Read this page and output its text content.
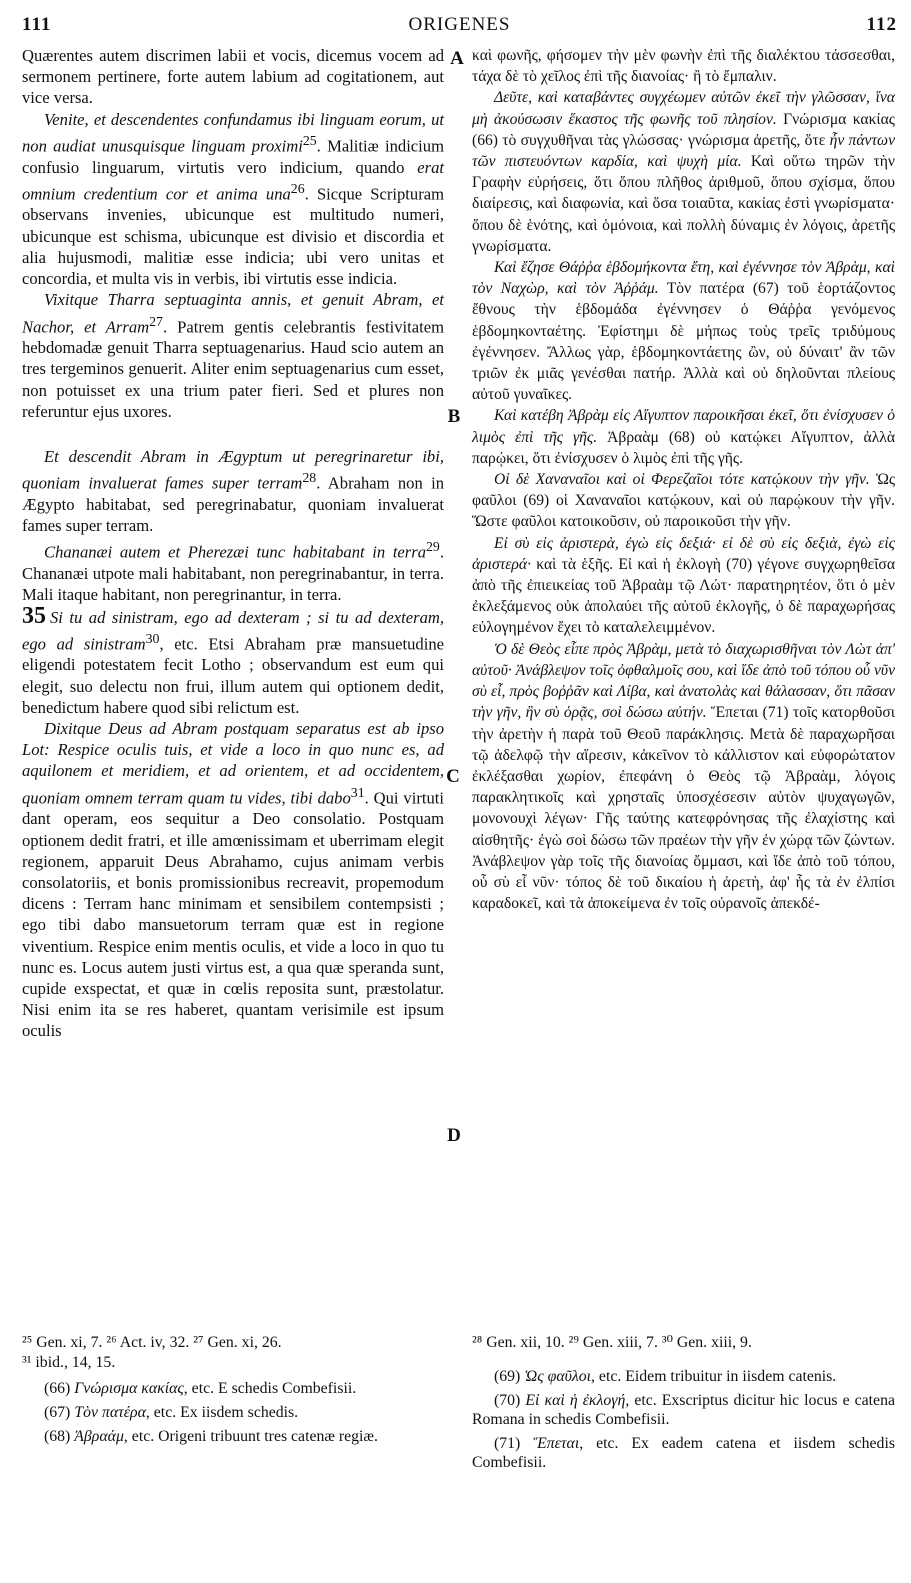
111	ORIGENES	112
A
B
C
D

Quærentes autem discrimen labii et vocis, dicemus vocem ad sermonem pertinere, forte autem labium ad cogitationem, aut vice versa.

Venite, et descendentes confundamus ibi linguam eorum, ut non audiat unusquisque linguam proximi$^{25}$. Malitiæ indicium confusio linguarum, virtutis vero indicium, quando erat omnium credentium cor et anima una$^{26}$. Sicque Scripturam observans invenies, ubicunque est multitudo numeri, ubicunque est schisma, ubicunque est divisio et discordia et alia hujusmodi, malitiæ esse indicia; ubi vero unitas et concordia, et multa vis in verbis, ibi virtutis esse indicia.

Vixitque Tharra septuaginta annis, et genuit Abram, et Nachor, et Arram$^{27}$. Patrem gentis celebrantis festivitatem hebdomadæ genuit Tharra septuagenarius. Haud scio autem an tres tergeminos genuerit. Aliter enim septuagenarius cum esset, non potuisset ex una trium pater fieri. Sed et plures non referuntur ejus uxores.

Et descendit Abram in Ægyptum ut peregrinaretur ibi, quoniam invaluerat fames super terram$^{28}$. Abraham non in Ægypto habitabat, sed peregrinabatur, quoniam invaluerat fames super terram.

Chananæi autem et Pherezæi tunc habitabant in terra$^{29}$. Chananæi utpote mali habitabant, non peregrinabantur, in terra. Mali itaque habitant, non peregrinantur, in terra.

35 Si tu ad sinistram, ego ad dexteram ; si tu ad dexteram, ego ad sinistram$^{30}$, etc. Etsi Abraham præ mansuetudine eligendi potestatem fecit Lotho ; observandum est eum qui elegit, suo delectu non frui, illum autem qui optionem dedit, benedictum habere quod sibi relictum est.

Dixitque Deus ad Abram postquam separatus est ab ipso Lot: Respice oculis tuis, et vide a loco in quo nunc es, ad aquilonem et meridiem, et ad orientem, et ad occidentem, quoniam omnem terram quam tu vides, tibi dabo$^{31}$. Qui virtuti dant operam, eos sequitur a Deo consolatio. Postquam optionem dedit fratri, et ille amœnissimam et uberrimam elegit regionem, apparuit Deus Abrahamo, cujus animam verbis consolatoriis, et bonis promissionibus recreavit, propemodum dicens : Terram hanc minimam et sensibilem contempsisti ; ego tibi dabo mansuetorum terram quæ est in regione viventium. Respice enim mentis oculis, et vide a loco in quo tu nunc es. Locus autem justi virtus est, a qua quæ speranda sunt, cupide exspectat, et quæ in cœlis reposita sunt, præstolatur. Nisi enim ita se res haberet, quantam verisimile est ipsum oculis

καὶ φωνῆς, φήσομεν τὴν μὲν φωνὴν ἐπὶ τῆς διαλέκτου τάσσεσθαι, τάχα δὲ τὸ χεῖλος ἐπὶ τῆς διανοίας· ἢ τὸ ἔμπαλιν.

Δεῦτε, καὶ καταβάντες συγχέωμεν αὐτῶν ἐκεῖ τὴν γλῶσσαν, ἵνα μὴ ἀκούσωσιν ἕκαστος τῆς φωνῆς τοῦ πλησίον. Γνώρισμα κακίας (66) τὸ συγχυθῆναι τὰς γλώσσας· γνώρισμα ἀρετῆς, ὅτε ἦν πάντων τῶν πιστευόντων καρδία, καὶ ψυχὴ μία. Καὶ οὕτω τηρῶν τὴν Γραφὴν εὑρήσεις, ὅτι ὅπου πλῆθος ἀριθμοῦ, ὅπου σχίσμα, ὅπου διαίρεσις, καὶ διαφωνία, καὶ ὅσα τοιαῦτα, κακίας ἐστὶ γνωρίσματα· ὅπου δὲ ἑνότης, καὶ ὁμόνοια, καὶ πολλὴ δύναμις ἐν λόγοις, ἀρετῆς γνωρίσματα.

Καὶ ἔζησε Θάῤῥα ἑβδομήκοντα ἔτη, καὶ ἐγέννησε τὸν Ἀβρὰμ, καὶ τὸν Ναχὼρ, καὶ τὸν Ἀῤῥάμ. Τὸν πατέρα (67) τοῦ ἑορτάζοντος ἔθνους τὴν ἑβδομάδα ἐγέννησεν ὁ Θάῤῥα γενόμενος ἑβδομηκονταέτης. Ἐφίστημι δὲ μήπως τοὺς τρεῖς τριδύμους ἐγέννησεν. Ἄλλως γὰρ, ἑβδομηκοντάετης ὢν, οὐ δύναιτ' ἂν τῶν τριῶν ἐκ μιᾶς γενέσθαι πατήρ. Ἀλλὰ καὶ οὐ δηλοῦνται πλείους αὐτοῦ γυναῖκες.

Καὶ κατέβη Ἀβρὰμ εἰς Αἴγυπτον παροικῆσαι ἐκεῖ, ὅτι ἐνίσχυσεν ὁ λιμὸς ἐπὶ τῆς γῆς. Ἀβραὰμ (68) οὐ κατῴκει Αἴγυπτον, ἀλλὰ παρῴκει, ὅτι ἐνίσχυσεν ὁ λιμὸς ἐπὶ τῆς γῆς.

Οἱ δὲ Χαναναῖοι καὶ οἱ Φερεζαῖοι τότε κατῴκουν τὴν γῆν. Ὡς φαῦλοι (69) οἱ Χαναναῖοι κατῴκουν, καὶ οὐ παρῴκουν τὴν γῆν. Ὥστε φαῦλοι κατοικοῦσιν, οὐ παροικοῦσι τὴν γῆν.

Εἰ σὺ εἰς ἀριστερὰ, ἐγὼ εἰς δεξιά· εἰ δὲ σὺ εἰς δεξιὰ, ἐγὼ εἰς ἀριστερά· καὶ τὰ ἑξῆς. Εἰ καὶ ἡ ἐκλογὴ (70) γέγονε συγχωρηθεῖσα ἀπὸ τῆς ἐπιεικείας τοῦ Ἀβραὰμ τῷ Λώτ· παρατηρητέον, ὅτι ὁ μὲν ἐκλεξάμενος οὐκ ἀπολαύει τῆς αὐτοῦ ἐκλογῆς, ὁ δὲ παραχωρήσας εὐλογημένον ἔχει τὸ καταλελειμμένον.

Ὁ δὲ Θεὸς εἶπε πρὸς Ἀβρὰμ, μετὰ τὸ διαχωρισθῆναι τὸν Λὼτ ἀπ' αὐτοῦ· Ἀνάβλεψον τοῖς ὀφθαλμοῖς σου, καὶ ἴδε ἀπὸ τοῦ τόπου οὗ νῦν σὺ εἶ, πρὸς βοῤῥᾶν καὶ Λίβα, καὶ ἀνατολὰς καὶ θάλασσαν, ὅτι πᾶσαν τὴν γῆν, ἣν σὺ ὁρᾷς, σοὶ δώσω αὐτήν. Ἕπεται (71) τοῖς κατορθοῦσι τὴν ἀρετὴν ἡ παρὰ τοῦ Θεοῦ παράκλησις. Μετὰ δὲ παραχωρῆσαι τῷ ἀδελφῷ τὴν αἵρεσιν, κἀκεῖνον τὸ κάλλιστον καὶ εὐφορώτατον ἐκλέξασθαι χωρίον, ἐπεφάνη ὁ Θεὸς τῷ Ἀβραὰμ, λόγοις παρακλητικοῖς καὶ χρησταῖς ὑποσχέσεσιν αὐτὸν ψυχαγωγῶν, μονονουχὶ λέγων· Γῆς ταύτης κατεφρόνησας τῆς ἐλαχίστης καὶ αἰσθητῆς· ἐγὼ σοὶ δώσω τῶν πραέων τὴν γῆν ἐν χώρᾳ τῶν ζώντων. Ἀνάβλεψον γὰρ τοῖς τῆς διανοίας ὄμμασι, καὶ ἴδε ἀπὸ τοῦ τόπου, οὗ σὺ εἶ νῦν· τόπος δὲ τοῦ δικαίου ἡ ἀρετὴ, ἀφ' ἧς τὰ ἐν ἐλπίσι καραδοκεῖ, καὶ τὰ ἀποκείμενα ἐν τοῖς οὐρανοῖς ἀπεκδέ-

²⁵ Gen. xi, 7. ²⁶ Act. iv, 32. ²⁷ Gen. xi, 26.

³¹ ibid., 14, 15.

²⁸ Gen. xii, 10. ²⁹ Gen. xiii, 7. ³⁰ Gen. xiii, 9.

(66) Γνώρισμα κακίας, etc. E schedis Combefisii.

(67) Τὸν πατέρα, etc. Ex iisdem schedis.

(68) Ἀβραάμ, etc. Origeni tribuunt tres catenæ regiæ.

(69) Ὡς φαῦλοι, etc. Eidem tribuitur in iisdem catenis.

(70) Εἰ καὶ ἡ ἐκλογή, etc. Exscriptus dicitur hic locus e catena Romana in schedis Combefisii.

(71) Ἕπεται, etc. Ex eadem catena et iisdem schedis Combefisii.
